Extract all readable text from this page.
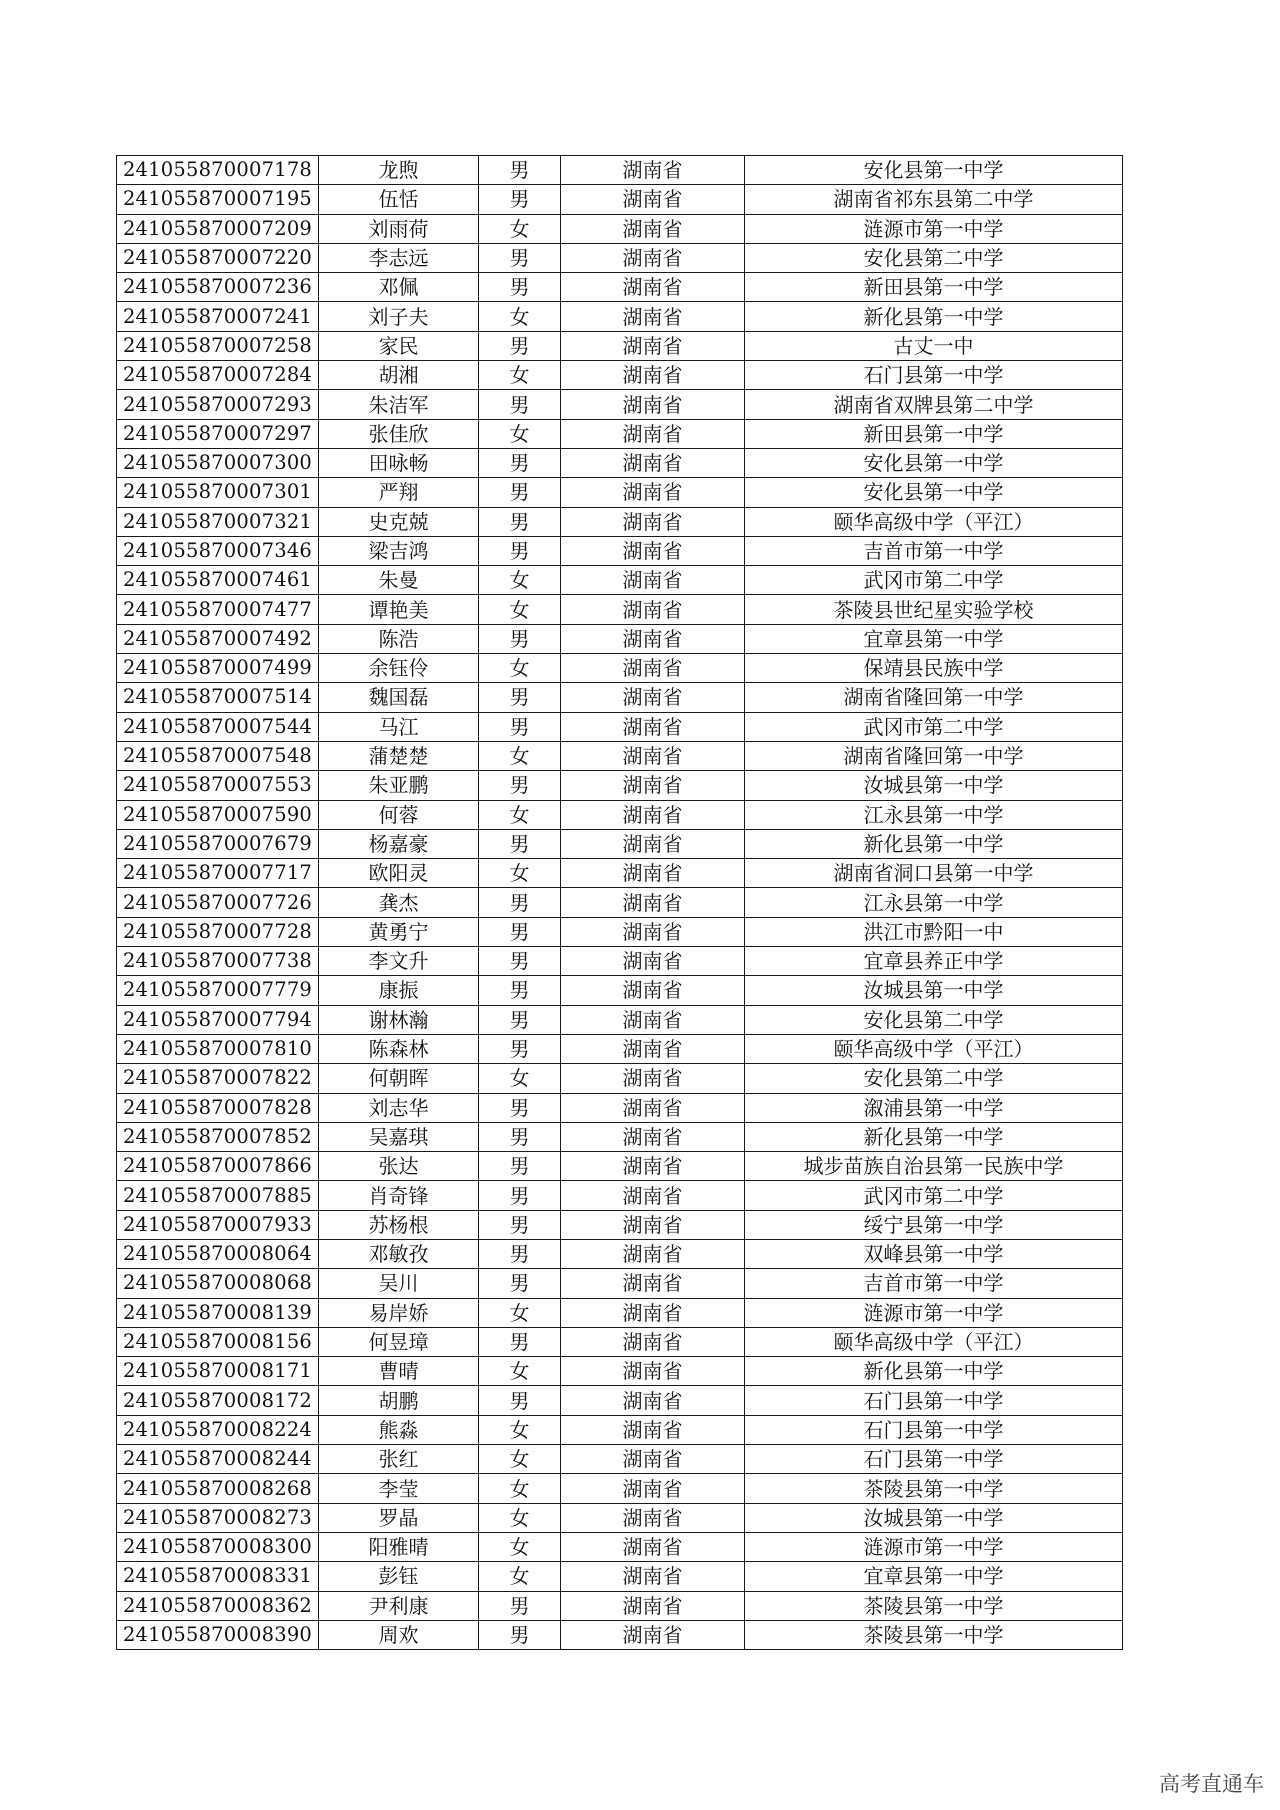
241055870007178	龙煦	男	湖南省	安化县第一中学
241055870007195	伍恬	男	湖南省	湖南省祁东县第二中学
241055870007209	刘雨荷	女	湖南省	涟源市第一中学
241055870007220	李志远	男	湖南省	安化县第二中学
241055870007236	邓佩	男	湖南省	新田县第一中学
241055870007241	刘子夫	女	湖南省	新化县第一中学
241055870007258	家民	男	湖南省	古丈一中
241055870007284	胡湘	女	湖南省	石门县第一中学
241055870007293	朱洁军	男	湖南省	湖南省双牌县第二中学
241055870007297	张佳欣	女	湖南省	新田县第一中学
241055870007300	田咏畅	男	湖南省	安化县第一中学
241055870007301	严翔	男	湖南省	安化县第一中学
241055870007321	史克兢	男	湖南省	颐华高级中学（平江）
241055870007346	梁吉鸿	男	湖南省	吉首市第一中学
241055870007461	朱曼	女	湖南省	武冈市第二中学
241055870007477	谭艳美	女	湖南省	茶陵县世纪星实验学校
241055870007492	陈浩	男	湖南省	宜章县第一中学
241055870007499	余钰伶	女	湖南省	保靖县民族中学
241055870007514	魏国磊	男	湖南省	湖南省隆回第一中学
241055870007544	马江	男	湖南省	武冈市第二中学
241055870007548	蒲楚楚	女	湖南省	湖南省隆回第一中学
241055870007553	朱亚鹏	男	湖南省	汝城县第一中学
241055870007590	何蓉	女	湖南省	江永县第一中学
241055870007679	杨嘉豪	男	湖南省	新化县第一中学
241055870007717	欧阳灵	女	湖南省	湖南省洞口县第一中学
241055870007726	龚杰	男	湖南省	江永县第一中学
241055870007728	黄勇宁	男	湖南省	洪江市黔阳一中
241055870007738	李文升	男	湖南省	宜章县养正中学
241055870007779	康振	男	湖南省	汝城县第一中学
241055870007794	谢林瀚	男	湖南省	安化县第二中学
241055870007810	陈森林	男	湖南省	颐华高级中学（平江）
241055870007822	何朝晖	女	湖南省	安化县第二中学
241055870007828	刘志华	男	湖南省	溆浦县第一中学
241055870007852	吴嘉琪	男	湖南省	新化县第一中学
241055870007866	张达	男	湖南省	城步苗族自治县第一民族中学
241055870007885	肖奇锋	男	湖南省	武冈市第二中学
241055870007933	苏杨根	男	湖南省	绥宁县第一中学
241055870008064	邓敏孜	男	湖南省	双峰县第一中学
241055870008068	吴川	男	湖南省	吉首市第一中学
241055870008139	易岸娇	女	湖南省	涟源市第一中学
241055870008156	何昱璋	男	湖南省	颐华高级中学（平江）
241055870008171	曹晴	女	湖南省	新化县第一中学
241055870008172	胡鹏	男	湖南省	石门县第一中学
241055870008224	熊淼	女	湖南省	石门县第一中学
241055870008244	张红	女	湖南省	石门县第一中学
241055870008268	李莹	女	湖南省	茶陵县第一中学
241055870008273	罗晶	女	湖南省	汝城县第一中学
241055870008300	阳雅晴	女	湖南省	涟源市第一中学
241055870008331	彭钰	女	湖南省	宜章县第一中学
241055870008362	尹利康	男	湖南省	茶陵县第一中学
241055870008390	周欢	男	湖南省	茶陵县第一中学
高考直通车
